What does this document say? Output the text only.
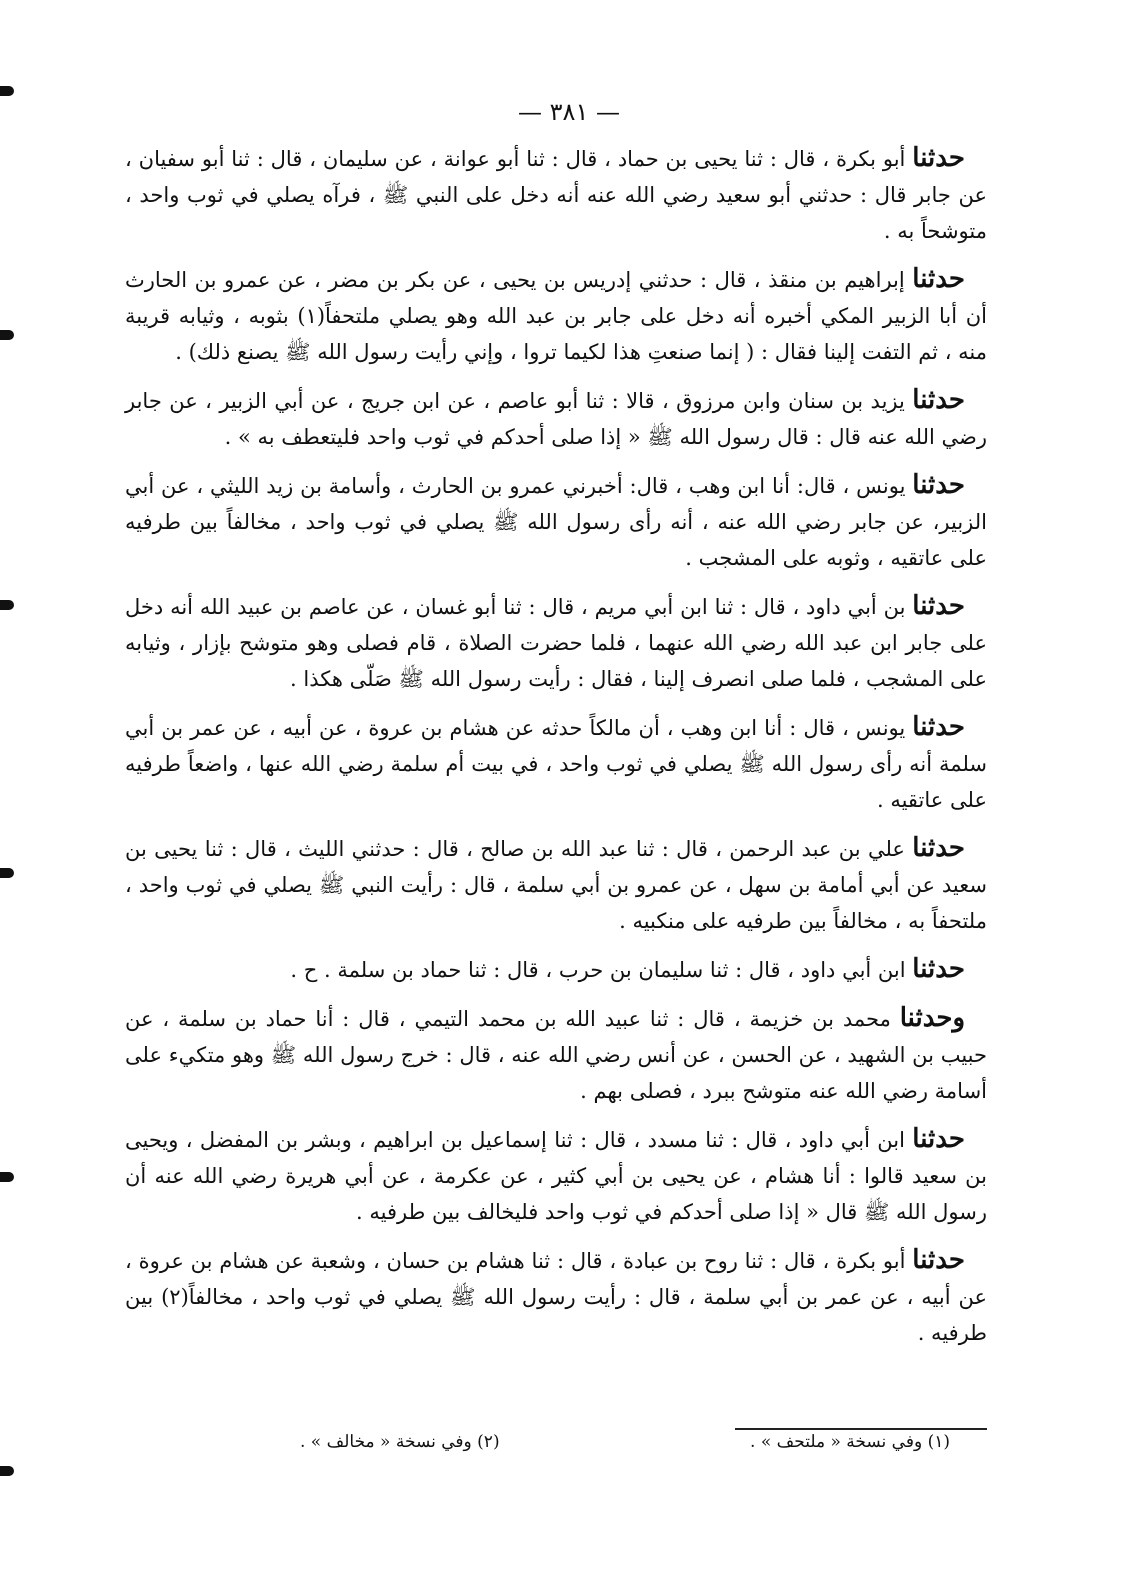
— ٣٨١ —

حدثنا أبو بكرة ، قال : ثنا يحيى بن حماد ، قال : ثنا أبو عوانة ، عن سليمان ، قال : ثنا أبو سفيان ، عن جابر قال : حدثني أبو سعيد رضي الله عنه أنه دخل على النبي ﷺ ، فرآه يصلي في ثوب واحد ، متوشحاً به .

حدثنا إبراهيم بن منقذ ، قال : حدثني إدريس بن يحيى ، عن بكر بن مضر ، عن عمرو بن الحارث أن أبا الزبير المكي أخبره أنه دخل على جابر بن عبد الله وهو يصلي ملتحفاً(١) بثوبه ، وثيابه قريبة منه ، ثم التفت إلينا فقال : ( إنما صنعتِ هذا لكيما تروا ، وإني رأيت رسول الله ﷺ يصنع ذلك) .

حدثنا يزيد بن سنان وابن مرزوق ، قالا : ثنا أبو عاصم ، عن ابن جريج ، عن أبي الزبير ، عن جابر رضي الله عنه قال : قال رسول الله ﷺ « إذا صلى أحدكم في ثوب واحد فليتعطف به » .

حدثنا يونس ، قال: أنا ابن وهب ، قال: أخبرني عمرو بن الحارث ، وأسامة بن زيد الليثي ، عن أبي الزبير، عن جابر رضي الله عنه ، أنه رأى رسول الله ﷺ يصلي في ثوب واحد ، مخالفاً بين طرفيه على عاتقيه ، وثوبه على المشجب .

حدثنا بن أبي داود ، قال : ثنا ابن أبي مريم ، قال : ثنا أبو غسان ، عن عاصم بن عبيد الله أنه دخل على جابر ابن عبد الله رضي الله عنهما ، فلما حضرت الصلاة ، قام فصلى وهو متوشح بإزار ، وثيابه على المشجب ، فلما صلى انصرف إلينا ، فقال : رأيت رسول الله ﷺ صَلّى هكذا .

حدثنا يونس ، قال : أنا ابن وهب ، أن مالكاً حدثه عن هشام بن عروة ، عن أبيه ، عن عمر بن أبي سلمة أنه رأى رسول الله ﷺ يصلي في ثوب واحد ، في بيت أم سلمة رضي الله عنها ، واضعاً طرفيه على عاتقيه .

حدثنا علي بن عبد الرحمن ، قال : ثنا عبد الله بن صالح ، قال : حدثني الليث ، قال : ثنا يحيى بن سعيد عن أبي أمامة بن سهل ، عن عمرو بن أبي سلمة ، قال : رأيت النبي ﷺ يصلي في ثوب واحد ، ملتحفاً به ، مخالفاً بين طرفيه على منكبيه .

حدثنا ابن أبي داود ، قال : ثنا سليمان بن حرب ، قال : ثنا حماد بن سلمة . ح .

وحدثنا محمد بن خزيمة ، قال : ثنا عبيد الله بن محمد التيمي ، قال : أنا حماد بن سلمة ، عن حبيب بن الشهيد ، عن الحسن ، عن أنس رضي الله عنه ، قال : خرج رسول الله ﷺ وهو متكيء على أسامة رضي الله عنه متوشح ببرد ، فصلى بهم .

حدثنا ابن أبي داود ، قال : ثنا مسدد ، قال : ثنا إسماعيل بن ابراهيم ، وبشر بن المفضل ، ويحيى بن سعيد قالوا : أنا هشام ، عن يحيى بن أبي كثير ، عن عكرمة ، عن أبي هريرة رضي الله عنه أن رسول الله ﷺ قال « إذا صلى أحدكم في ثوب واحد فليخالف بين طرفيه .

حدثنا أبو بكرة ، قال : ثنا روح بن عبادة ، قال : ثنا هشام بن حسان ، وشعبة عن هشام بن عروة ، عن أبيه ، عن عمر بن أبي سلمة ، قال : رأيت رسول الله ﷺ يصلي في ثوب واحد ، مخالفاً(٢) بين طرفيه .

(١) وفي نسخة « ملتحف » .
(٢) وفي نسخة « مخالف » .
